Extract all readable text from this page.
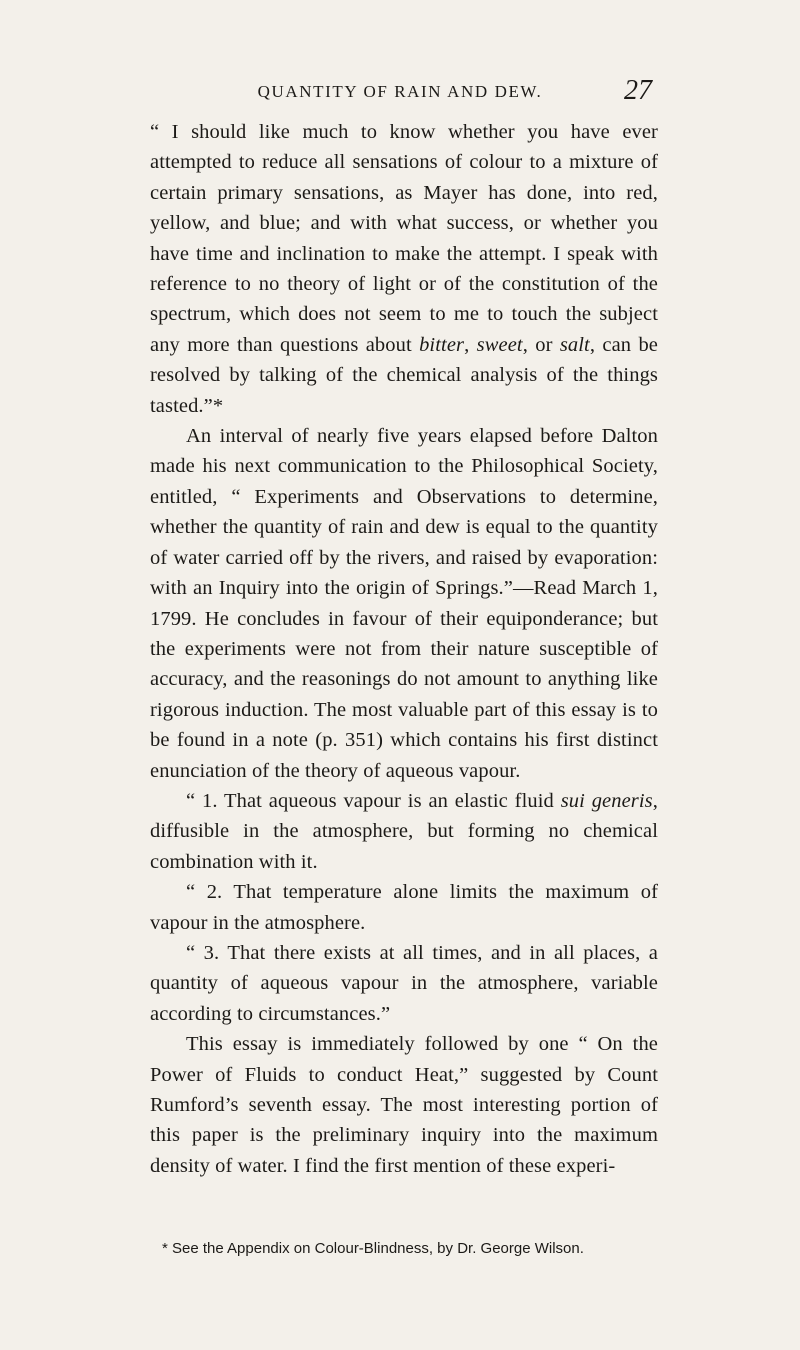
QUANTITY OF RAIN AND DEW.	27

“ I should like much to know whether you have ever attempted to reduce all sensations of colour to a mixture of certain primary sensations, as Mayer has done, into red, yellow, and blue; and with what success, or whether you have time and inclination to make the attempt. I speak with reference to no theory of light or of the constitution of the spectrum, which does not seem to me to touch the subject any more than questions about bitter, sweet, or salt, can be resolved by talking of the chemical analysis of the things tasted.”*

An interval of nearly five years elapsed before Dalton made his next communication to the Philosophical Society, entitled, “ Experiments and Observations to determine, whether the quantity of rain and dew is equal to the quantity of water carried off by the rivers, and raised by evaporation: with an Inquiry into the origin of Springs.”—Read March 1, 1799. He concludes in favour of their equiponderance; but the experiments were not from their nature susceptible of accuracy, and the reasonings do not amount to anything like rigorous induction. The most valuable part of this essay is to be found in a note (p. 351) which contains his first distinct enunciation of the theory of aqueous vapour.

“ 1. That aqueous vapour is an elastic fluid sui generis, diffusible in the atmosphere, but forming no chemical combination with it.

“ 2. That temperature alone limits the maximum of vapour in the atmosphere.

“ 3. That there exists at all times, and in all places, a quantity of aqueous vapour in the atmosphere, variable according to circumstances.”

This essay is immediately followed by one “ On the Power of Fluids to conduct Heat,” suggested by Count Rumford’s seventh essay. The most interesting portion of this paper is the preliminary inquiry into the maximum density of water. I find the first mention of these experi-

* See the Appendix on Colour-Blindness, by Dr. George Wilson.
